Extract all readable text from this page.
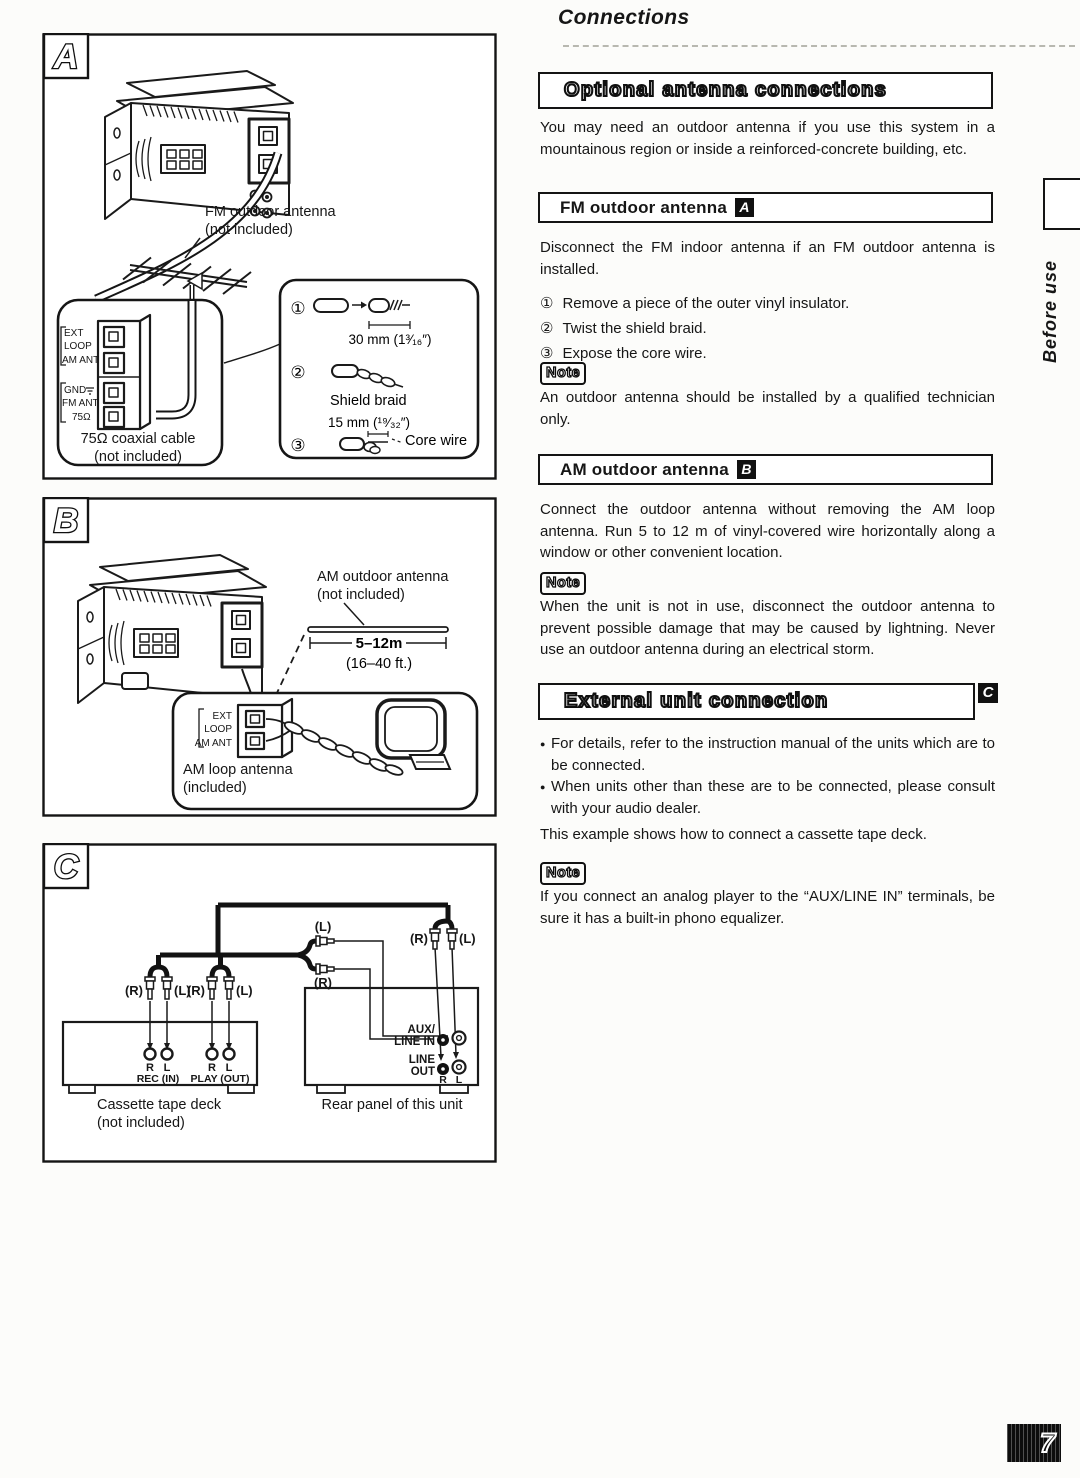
Connections
Optional antenna connections

You may need an outdoor antenna if you use this system in a mountainous region or inside a reinforced-concrete building, etc.

FM outdoor antenna A

Disconnect the FM indoor antenna if an FM outdoor antenna is installed.

① Remove a piece of the outer vinyl insulator.
② Twist the shield braid.
③ Expose the core wire.
Note

An outdoor antenna should be installed by a qualified technician only.

AM outdoor antenna B

Connect the outdoor antenna without removing the AM loop antenna. Run 5 to 12 m of vinyl-covered wire horizontally along a window or other convenient location.

Note

When the unit is not in use, disconnect the outdoor antenna to prevent possible damage that may be caused by lightning. Never use an outdoor antenna during an electrical storm.

External unit connection	C
● For details, refer to the instruction manual of the units which are to be connected.
● When units other than these are to be connected, please consult with your audio dealer.
This example shows how to connect a cassette tape deck.
Note

If you connect an analog player to the “AUX/LINE IN” terminals, be sure it has a built-in phono equalizer.

Before use
7
FM outdoor antenna
(not included)
EXT
LOOP
AM ANT
GND
FM ANT
75Ω
75Ω coaxial cable
(not included)
①
30 mm (1³⁄₁₆″)
②
Shield braid
15 mm (¹⁹⁄₃₂″)
③	Core wire
A
5–12m
(16–40 ft.)
AM outdoor antenna
(not included)
EXT
LOOP
AM ANT
AM loop antenna
(included)
B
(R) (L)
(R) (L)
(R) (L)
(L)
(R)
R L	R L
REC (IN) PLAY (OUT)
AUX/
LINE IN
LINE
OUT
R L
Cassette tape deck
(not included)
Rear panel of this unit
C
